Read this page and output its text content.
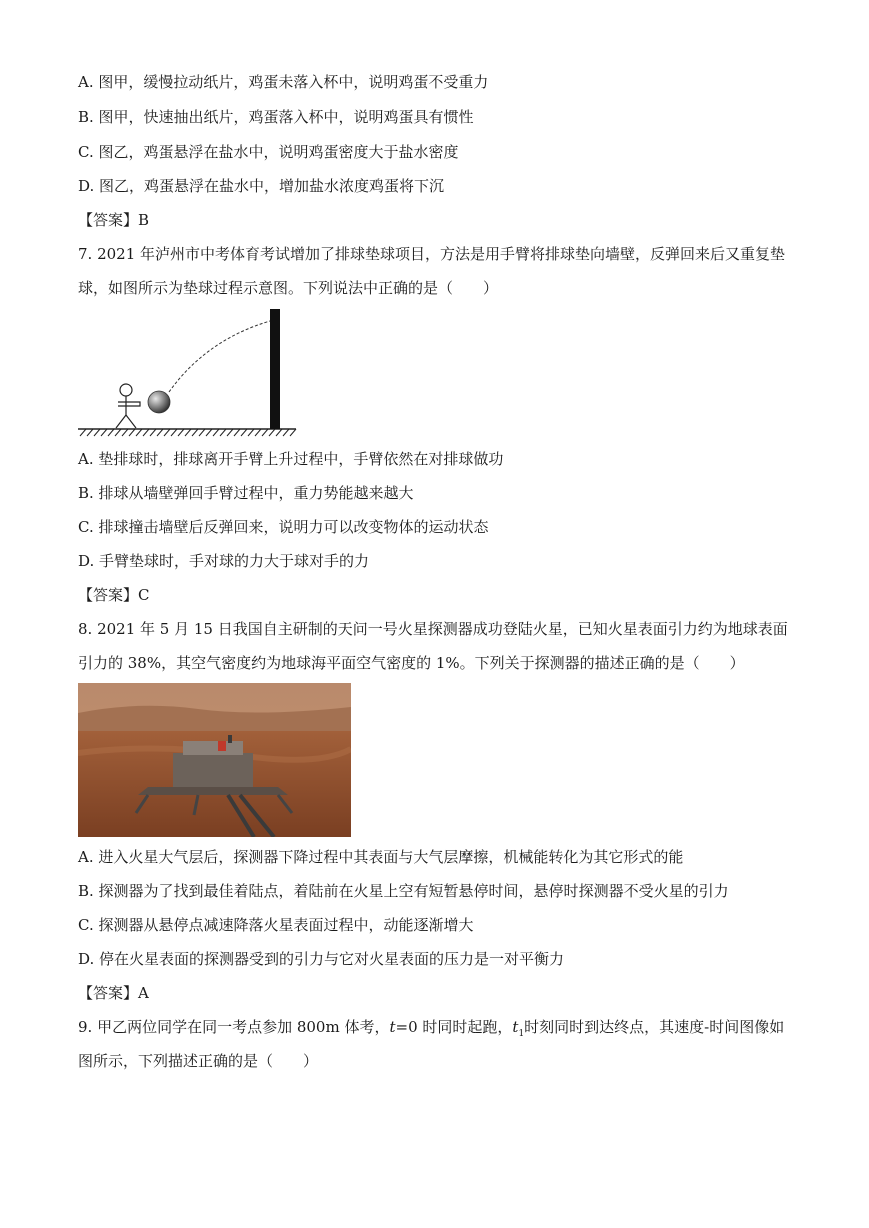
A. 图甲，缓慢拉动纸片，鸡蛋未落入杯中，说明鸡蛋不受重力
B. 图甲，快速抽出纸片，鸡蛋落入杯中，说明鸡蛋具有惯性
C. 图乙，鸡蛋悬浮在盐水中，说明鸡蛋密度大于盐水密度
D. 图乙，鸡蛋悬浮在盐水中，增加盐水浓度鸡蛋将下沉
【答案】B
7. 2021 年泸州市中考体育考试增加了排球垫球项目，方法是用手臂将排球垫向墙壁，反弹回来后又重复垫
球，如图所示为垫球过程示意图。下列说法中正确的是（　　）
A. 垫排球时，排球离开手臂上升过程中，手臂依然在对排球做功
B. 排球从墙壁弹回手臂过程中，重力势能越来越大
C. 排球撞击墙壁后反弹回来，说明力可以改变物体的运动状态
D. 手臂垫球时，手对球的力大于球对手的力
【答案】C
8. 2021 年 5 月 15 日我国自主研制的天问一号火星探测器成功登陆火星，已知火星表面引力约为地球表面
引力的 38%，其空气密度约为地球海平面空气密度的 1%。下列关于探测器的描述正确的是（　　）
A. 进入火星大气层后，探测器下降过程中其表面与大气层摩擦，机械能转化为其它形式的能
B. 探测器为了找到最佳着陆点，着陆前在火星上空有短暂悬停时间，悬停时探测器不受火星的引力
C. 探测器从悬停点减速降落火星表面过程中，动能逐渐增大
D. 停在火星表面的探测器受到的引力与它对火星表面的压力是一对平衡力
【答案】A
9. 甲乙两位同学在同一考点参加 800m 体考，t=0 时同时起跑，$t_1$时刻同时到达终点，其速度-时间图像如
图所示，下列描述正确的是（　　）
